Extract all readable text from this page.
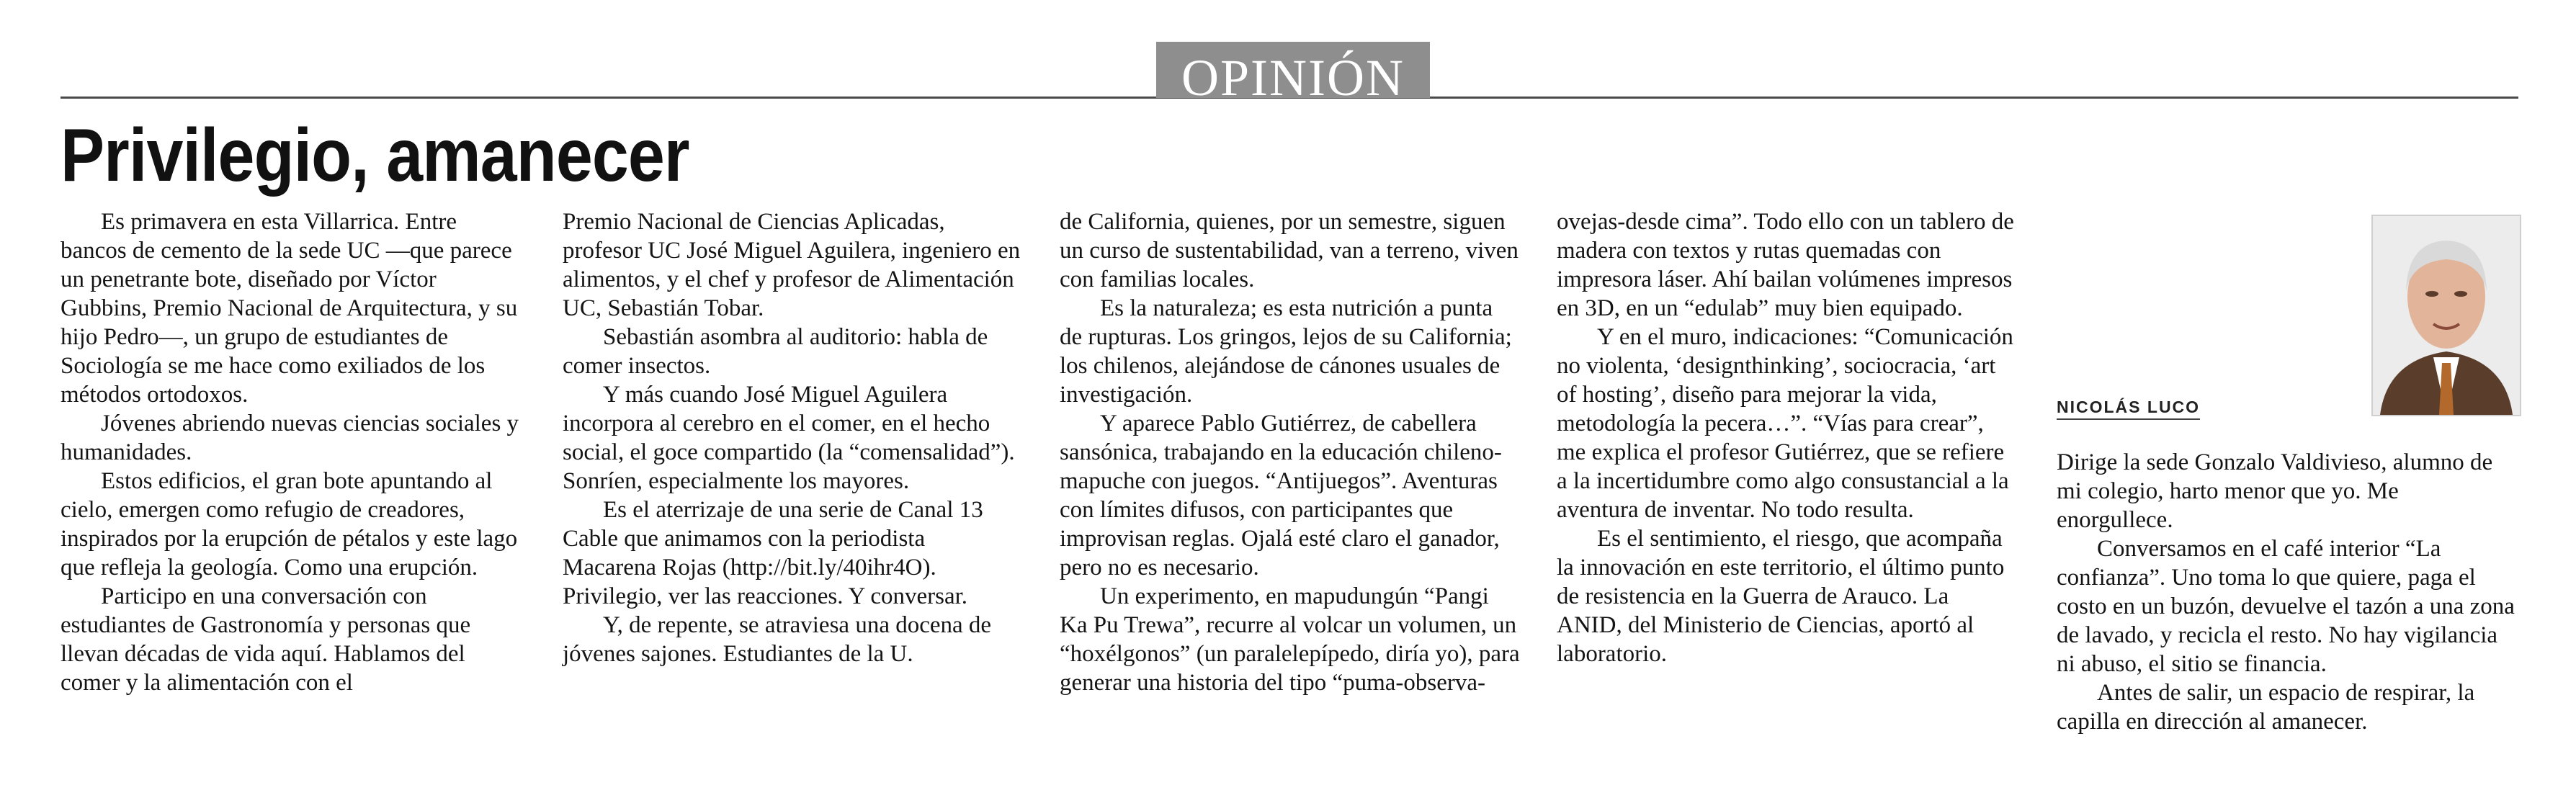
OPINIÓN
Privilegio, amanecer

Es primavera en esta Villarrica. Entre bancos de cemento de la sede UC —que parece un penetrante bote, diseñado por Víctor Gubbins, Premio Nacional de Arquitectura, y su hijo Pedro—, un grupo de estudiantes de Sociología se me hace como exiliados de los métodos ortodoxos.

Jóvenes abriendo nuevas ciencias sociales y humanidades.

Estos edificios, el gran bote apuntando al cielo, emergen como refugio de creadores, inspirados por la erupción de pétalos y este lago que refleja la geología. Como una erupción.

Participo en una conversación con estudiantes de Gastronomía y personas que llevan décadas de vida aquí. Hablamos del comer y la alimentación con el

Premio Nacional de Ciencias Aplicadas, profesor UC José Miguel Aguilera, ingeniero en alimentos, y el chef y profesor de Alimentación UC, Sebastián Tobar.

Sebastián asombra al auditorio: habla de comer insectos.

Y más cuando José Miguel Aguilera incorpora al cerebro en el comer, en el hecho social, el goce compartido (la “comensalidad”). Sonríen, especialmente los mayores.

Es el aterrizaje de una serie de Canal 13 Cable que animamos con la periodista Macarena Rojas (http://bit.ly/40ihr4O). Privilegio, ver las reacciones. Y conversar.

Y, de repente, se atraviesa una docena de jóvenes sajones. Estudiantes de la U.

de California, quienes, por un semestre, siguen un curso de sustentabilidad, van a terreno, viven con familias locales.

Es la naturaleza; es esta nutrición a punta de rupturas. Los gringos, lejos de su California; los chilenos, alejándose de cánones usuales de investigación.

Y aparece Pablo Gutiérrez, de cabellera sansónica, trabajando en la educación chileno-mapuche con juegos. “Antijuegos”. Aventuras con límites difusos, con participantes que improvisan reglas. Ojalá esté claro el ganador, pero no es necesario.

Un experimento, en mapudungún “Pangi Ka Pu Trewa”, recurre al volcar un volumen, un “hoxélgonos” (un paralelepípedo, diría yo), para generar una historia del tipo “puma-observa-

ovejas-desde cima”. Todo ello con un tablero de madera con textos y rutas quemadas con impresora láser. Ahí bailan volúmenes impresos en 3D, en un “edulab” muy bien equipado.

Y en el muro, indicaciones: “Comunicación no violenta, ‘designthinking’, sociocracia, ‘art of hosting’, diseño para mejorar la vida, metodología la pecera…”. “Vías para crear”, me explica el profesor Gutiérrez, que se refiere a la incertidumbre como algo consustancial a la aventura de inventar. No todo resulta.

Es el sentimiento, el riesgo, que acompaña la innovación en este territorio, el último punto de resistencia en la Guerra de Arauco. La ANID, del Ministerio de Ciencias, aportó al laboratorio.

NICOLÁS LUCO

Dirige la sede Gonzalo Valdivieso, alumno de mi colegio, harto menor que yo. Me enorgullece.

Conversamos en el café interior “La confianza”. Uno toma lo que quiere, paga el costo en un buzón, devuelve el tazón a una zona de lavado, y recicla el resto. No hay vigilancia ni abuso, el sitio se financia.

Antes de salir, un espacio de respirar, la capilla en dirección al amanecer.
